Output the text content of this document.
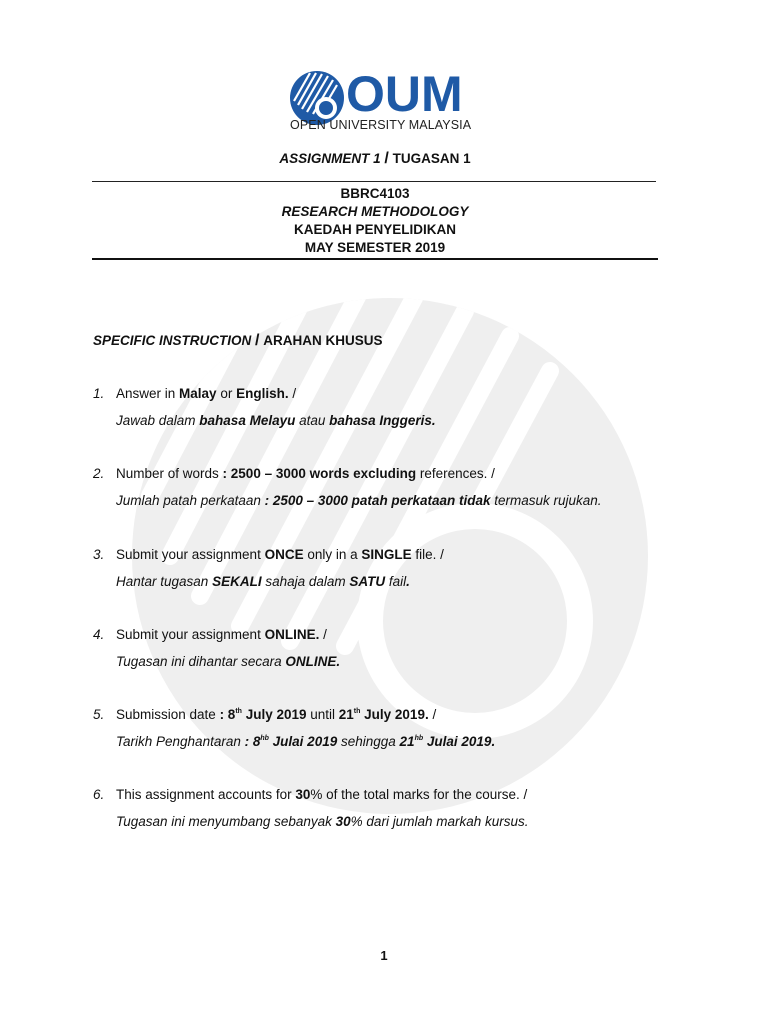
OUM
OPEN UNIVERSITY MALAYSIA
ASSIGNMENT 1 / TUGASAN 1
BBRC4103
RESEARCH METHODOLOGY
KAEDAH PENYELIDIKAN
MAY SEMESTER 2019
SPECIFIC INSTRUCTION / ARAHAN KHUSUS
1. Answer in Malay or English. /
Jawab dalam bahasa Melayu atau bahasa Inggeris.
2. Number of words : 2500 – 3000 words excluding references. /
Jumlah patah perkataan : 2500 – 3000 patah perkataan tidak termasuk rujukan.
3. Submit your assignment ONCE only in a SINGLE file. /
Hantar tugasan SEKALI sahaja dalam SATU fail.
4. Submit your assignment ONLINE. /
Tugasan ini dihantar secara ONLINE.
5. Submission date : 8th July 2019 until 21th July 2019. /
Tarikh Penghantaran : $8^{hb}$ Julai 2019 sehingga $21^{hb}$ Julai 2019.
6. This assignment accounts for 30% of the total marks for the course. /
Tugasan ini menyumbang sebanyak 30% dari jumlah markah kursus.
1
